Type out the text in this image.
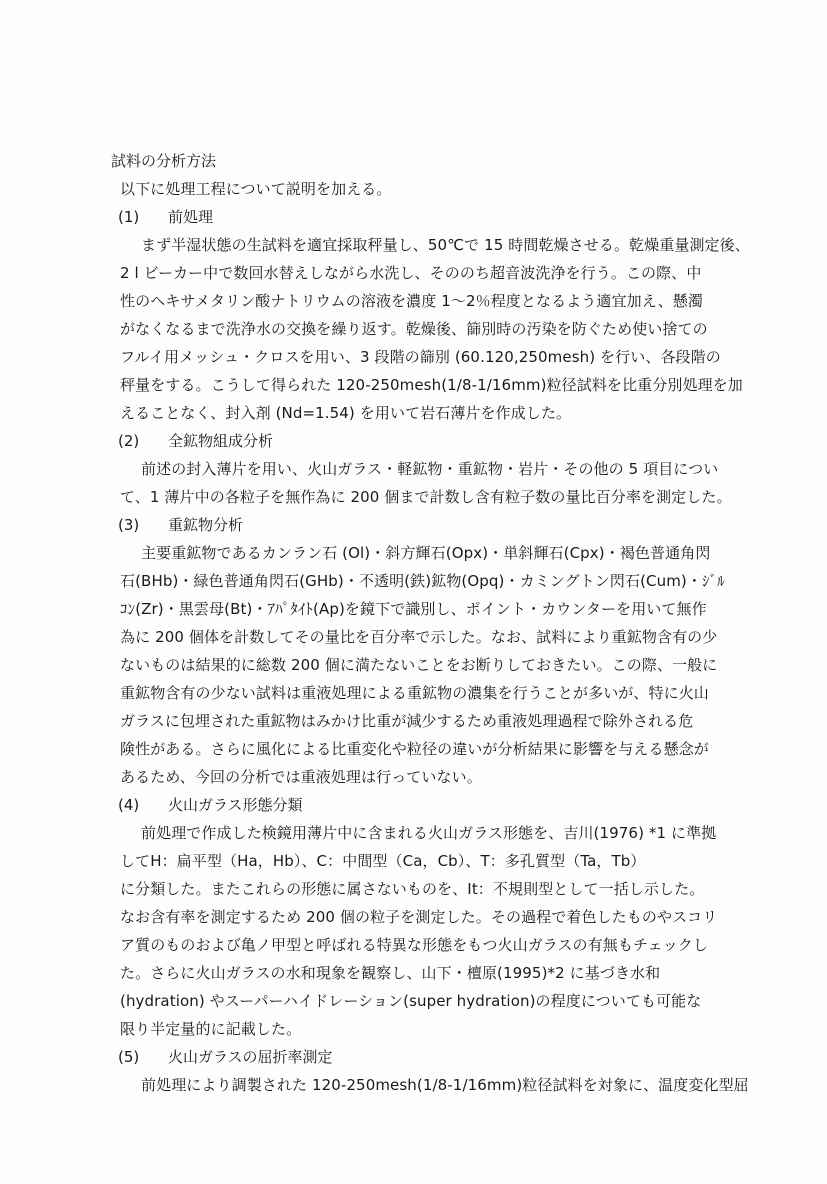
試料の分析方法
以下に処理工程について説明を加える。
(1) 前処理
まず半湿状態の生試料を適宜採取秤量し、50℃で 15 時間乾燥させる。乾燥重量測定後、
2 l ビーカー中で数回水替えしながら水洗し、そののち超音波洗浄を行う。この際、中
性のヘキサメタリン酸ナトリウムの溶液を濃度 1～2％程度となるよう適宜加え、懸濁
がなくなるまで洗浄水の交換を繰り返す。乾燥後、篩別時の汚染を防ぐため使い捨ての
フルイ用メッシュ・クロスを用い、3 段階の篩別 (60.120,250mesh) を行い、各段階の
秤量をする。こうして得られた 120-250mesh(1/8-1/16mm)粒径試料を比重分別処理を加
えることなく、封入剤 (Nd=1.54) を用いて岩石薄片を作成した。
(2) 全鉱物組成分析
前述の封入薄片を用い、火山ガラス・軽鉱物・重鉱物・岩片・その他の 5 項目につい
て、1 薄片中の各粒子を無作為に 200 個まで計数し含有粒子数の量比百分率を測定した。
(3) 重鉱物分析
主要重鉱物であるカンラン石 (Ol)・斜方輝石(Opx)・単斜輝石(Cpx)・褐色普通角閃
石(BHb)・緑色普通角閃石(GHb)・不透明(鉄)鉱物(Opq)・カミングトン閃石(Cum)・ｼﾞﾙ
ｺﾝ(Zr)・黒雲母(Bt)・ｱﾊﾟﾀｲﾄ(Ap)を鏡下で識別し、ポイント・カウンターを用いて無作
為に 200 個体を計数してその量比を百分率で示した。なお、試料により重鉱物含有の少
ないものは結果的に総数 200 個に満たないことをお断りしておきたい。この際、一般に
重鉱物含有の少ない試料は重液処理による重鉱物の濃集を行うことが多いが、特に火山
ガラスに包埋された重鉱物はみかけ比重が減少するため重液処理過程で除外される危
険性がある。さらに風化による比重変化や粒径の違いが分析結果に影響を与える懸念が
あるため、今回の分析では重液処理は行っていない。
(4) 火山ガラス形態分類
前処理で作成した検鏡用薄片中に含まれる火山ガラス形態を、吉川(1976) *1 に準拠
してH：扁平型（Ha，Hb）、C：中間型（Ca，Cb）、T：多孔質型（Ta，Tb）
に分類した。またこれらの形態に属さないものを、It：不規則型として一括し示した。
なお含有率を測定するため 200 個の粒子を測定した。その過程で着色したものやスコリ
ア質のものおよび亀ノ甲型と呼ばれる特異な形態をもつ火山ガラスの有無もチェックし
た。さらに火山ガラスの水和現象を観察し、山下・檀原(1995)*2 に基づき水和
(hydration) やスーパーハイドレーション(super hydration)の程度についても可能な
限り半定量的に記載した。
(5) 火山ガラスの屈折率測定
前処理により調製された 120-250mesh(1/8-1/16mm)粒径試料を対象に、温度変化型屈
